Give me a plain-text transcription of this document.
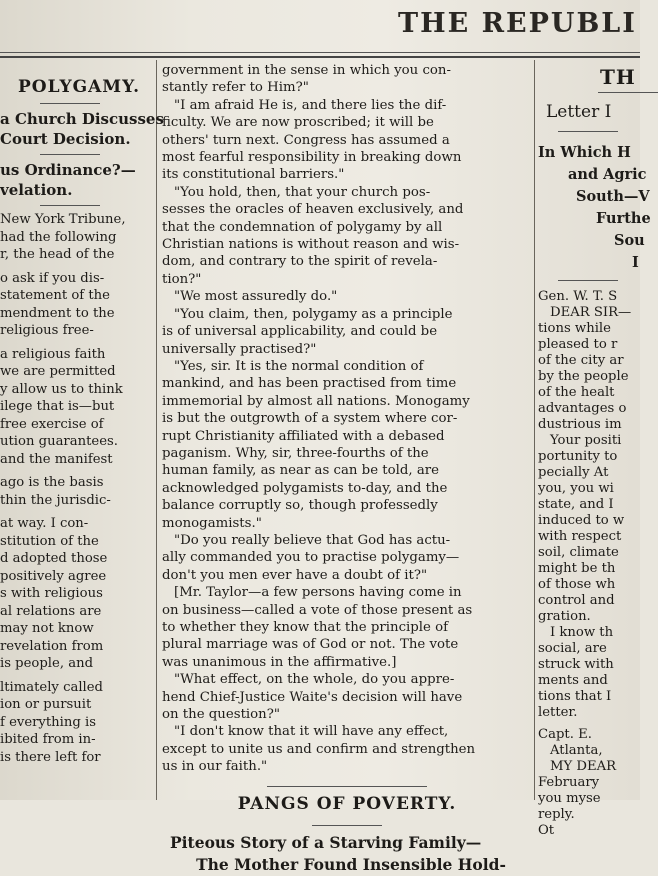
THE REPUBLI
POLYGAMY.
a Church Discusses
Court Decision.
us Ordinance?—
velation.
New York Tribune,
had the following
r, the head of the
o ask if you dis-
statement of the
mendment to the
religious free-
a religious faith
we are permitted
y allow us to think
ilege that is—but
free exercise of
ution guarantees.
and the manifest
ago is the basis
thin the jurisdic-
at way. I con-
stitution of the
d adopted those
positively agree
s with religious
al relations are
may not know
revelation from
is people, and
ltimately called
ion or pursuit
f everything is
ibited from in-
is there left for
government in the sense in which you con-
stantly refer to Him?"
"I am afraid He is, and there lies the dif-
ficulty. We are now proscribed; it will be
others' turn next. Congress has assumed a
most fearful responsibility in breaking down
its constitutional barriers."
"You hold, then, that your church pos-
sesses the oracles of heaven exclusively, and
that the condemnation of polygamy by all
Christian nations is without reason and wis-
dom, and contrary to the spirit of revela-
tion?"
"We most assuredly do."
"You claim, then, polygamy as a principle
is of universal applicability, and could be
universally practised?"
"Yes, sir. It is the normal condition of
mankind, and has been practised from time
immemorial by almost all nations. Monogamy
is but the outgrowth of a system where cor-
rupt Christianity affiliated with a debased
paganism. Why, sir, three-fourths of the
human family, as near as can be told, are
acknowledged polygamists to-day, and the
balance corruptly so, though professedly
monogamists."
"Do you really believe that God has actu-
ally commanded you to practise polygamy—
don't you men ever have a doubt of it?"
[Mr. Taylor—a few persons having come in
on business—called a vote of those present as
to whether they know that the principle of
plural marriage was of God or not. The vote
was unanimous in the affirmative.]
"What effect, on the whole, do you appre-
hend Chief-Justice Waite's decision will have
on the question?"
"I don't know that it will have any effect,
except to unite us and confirm and strengthen
us in our faith."
PANGS OF POVERTY.
Piteous Story of a Starving Family—
The Mother Found Insensible Hold-
TH
Letter I
In Which H
and Agric
South—V
Furthe
Sou
I
Gen. W. T. S
DEAR SIR—
tions while
pleased to r
of the city ar
by the people
of the healt
advantages o
dustrious im
Your positi
portunity to
pecially At
you, you wi
state, and I
induced to w
with respect
soil, climate
might be th
of those wh
control and
gration.
I know th
social, are
struck with
ments and
tions that I
letter.
Capt. E.
Atlanta,
MY DEAR
February
you myse
reply.
Ot
